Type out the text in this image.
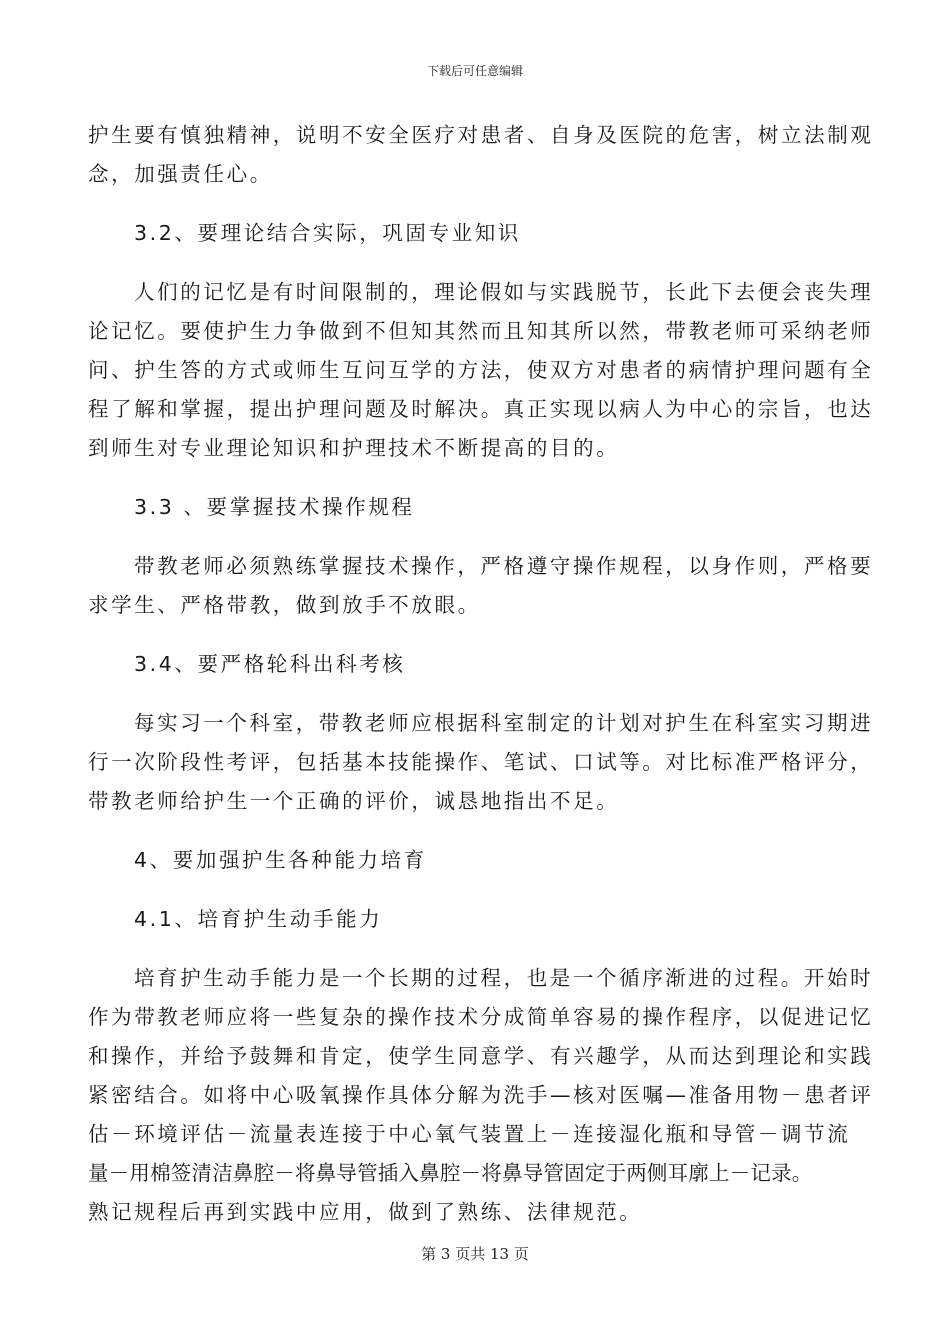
下载后可任意编辑
护生要有慎独精神，说明不安全医疗对患者、自身及医院的危害，树立法制观
念，加强责任心。
3.2、要理论结合实际，巩固专业知识
人们的记忆是有时间限制的，理论假如与实践脱节，长此下去便会丧失理
论记忆。要使护生力争做到不但知其然而且知其所以然，带教老师可采纳老师
问、护生答的方式或师生互问互学的方法，使双方对患者的病情护理问题有全
程了解和掌握，提出护理问题及时解决。真正实现以病人为中心的宗旨，也达
到师生对专业理论知识和护理技术不断提高的目的。
3.3 、要掌握技术操作规程
带教老师必须熟练掌握技术操作，严格遵守操作规程，以身作则，严格要
求学生、严格带教，做到放手不放眼。
3.4、要严格轮科出科考核
每实习一个科室，带教老师应根据科室制定的计划对护生在科室实习期进
行一次阶段性考评，包括基本技能操作、笔试、口试等。对比标准严格评分，
带教老师给护生一个正确的评价，诚恳地指出不足。
4、要加强护生各种能力培育
4.1、培育护生动手能力
培育护生动手能力是一个长期的过程，也是一个循序渐进的过程。开始时
作为带教老师应将一些复杂的操作技术分成简单容易的操作程序，以促进记忆
和操作，并给予鼓舞和肯定，使学生同意学、有兴趣学，从而达到理论和实践
紧密结合。如将中心吸氧操作具体分解为洗手—核对医嘱—准备用物－患者评
估－环境评估－流量表连接于中心氧气装置上－连接湿化瓶和导管－调节流
量－用棉签清洁鼻腔－将鼻导管插入鼻腔－将鼻导管固定于两侧耳廓上－记录。
熟记规程后再到实践中应用，做到了熟练、法律规范。
第 3 页共 13 页
